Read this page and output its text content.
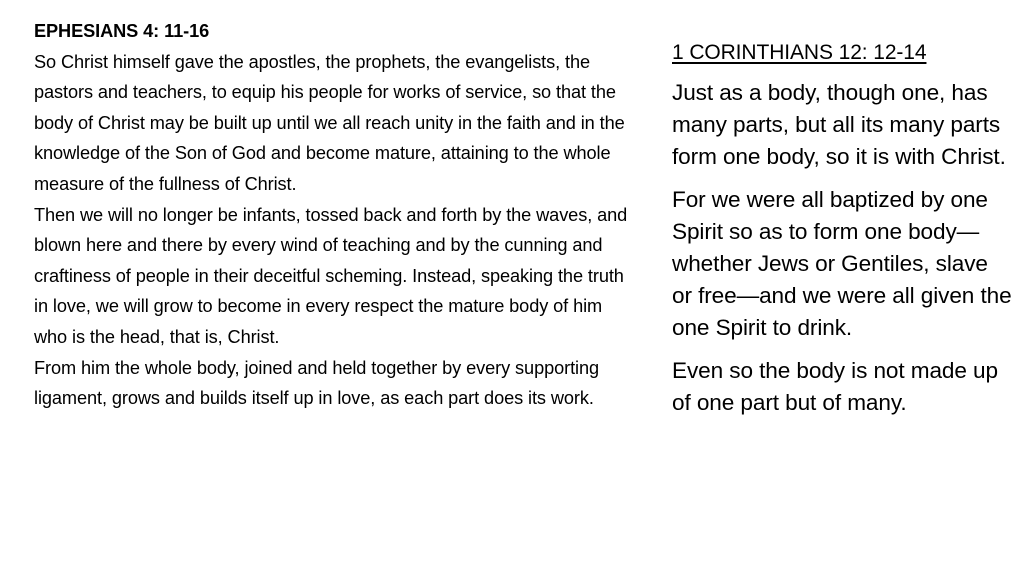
EPHESIANS 4: 11-16

So Christ himself gave the apostles, the prophets, the evangelists, the pastors and teachers, to equip his people for works of service, so that the body of Christ may be built up until we all reach unity in the faith and in the knowledge of the Son of God and become mature, attaining to the whole measure of the fullness of Christ.

Then we will no longer be infants, tossed back and forth by the waves, and blown here and there by every wind of teaching and by the cunning and craftiness of people in their deceitful scheming. Instead, speaking the truth in love, we will grow to become in every respect the mature body of him who is the head, that is, Christ.

From him the whole body, joined and held together by every supporting ligament, grows and builds itself up in love, as each part does its work.

1 CORINTHIANS 12: 12-14

Just as a body, though one, has many parts, but all its many parts form one body, so it is with Christ.

For we were all baptized by one Spirit so as to form one body—whether Jews or Gentiles, slave or free—and we were all given the one Spirit to drink.

Even so the body is not made up of one part but of many.
